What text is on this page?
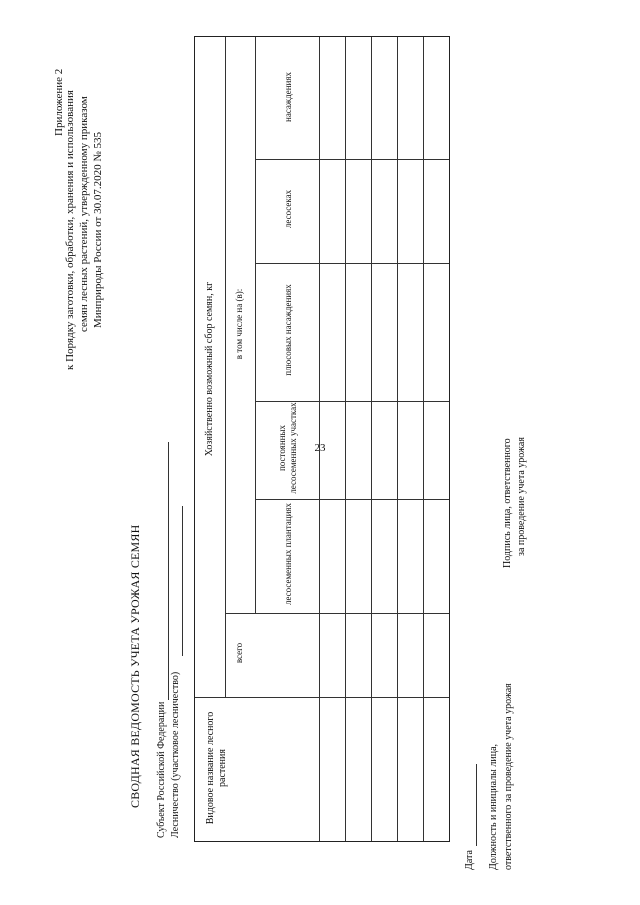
23
Приложение 2 к Порядку заготовки, обработки, хранения и использования семян лесных растений, утвержденному приказом Минприроды России от 30.07.2020 № 535
СВОДНАЯ ВЕДОМОСТЬ УЧЕТА УРОЖАЯ СЕМЯН Субъект Российской Федерации Лесничество (участковое лесничество)	Видовое название лесного растения
Хозяйственно возможный сбор семян, кг
всего
в том числе на (в):
лесосеменных плантациях
постоянных лесосеменных участках
плюсовых насаждениях
лесосеках
насаждениях
Дата Должность и инициалы лица, ответственного за проведение учета урожая
Подпись лица, ответственного за проведение учета урожая
